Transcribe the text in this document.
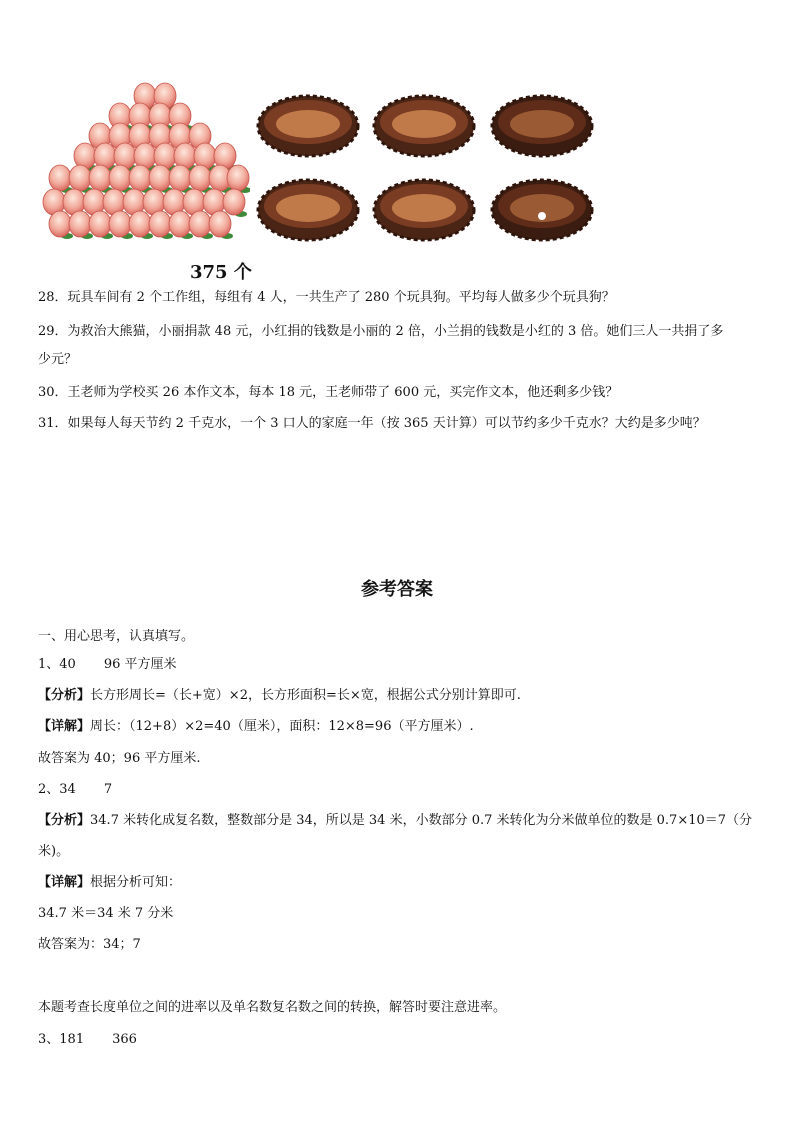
375 个
28．玩具车间有 2 个工作组，每组有 4 人，一共生产了 280 个玩具狗。平均每人做多少个玩具狗？
29．为救治大熊猫，小丽捐款 48 元，小红捐的钱数是小丽的 2 倍，小兰捐的钱数是小红的 3 倍。她们三人一共捐了多
少元？
30．王老师为学校买 26 本作文本，每本 18 元，王老师带了 600 元，买完作文本，他还剩多少钱？
31．如果每人每天节约 2 千克水，一个 3 口人的家庭一年（按 365 天计算）可以节约多少千克水？大约是多少吨？
参考答案
一、用心思考，认真填写。
1、40 96 平方厘米
【分析】长方形周长=（长+宽）×2，长方形面积=长×宽，根据公式分别计算即可.
【详解】周长：（12+8）×2=40（厘米），面积：12×8=96（平方厘米）.
故答案为 40；96 平方厘米.
2、34 7
【分析】34.7 米转化成复名数，整数部分是 34，所以是 34 米，小数部分 0.7 米转化为分米做单位的数是 0.7×10＝7（分
米)。
【详解】根据分析可知：
34.7 米＝34 米 7 分米
故答案为：34；7
本题考查长度单位之间的进率以及单名数复名数之间的转换，解答时要注意进率。
3、181 366
